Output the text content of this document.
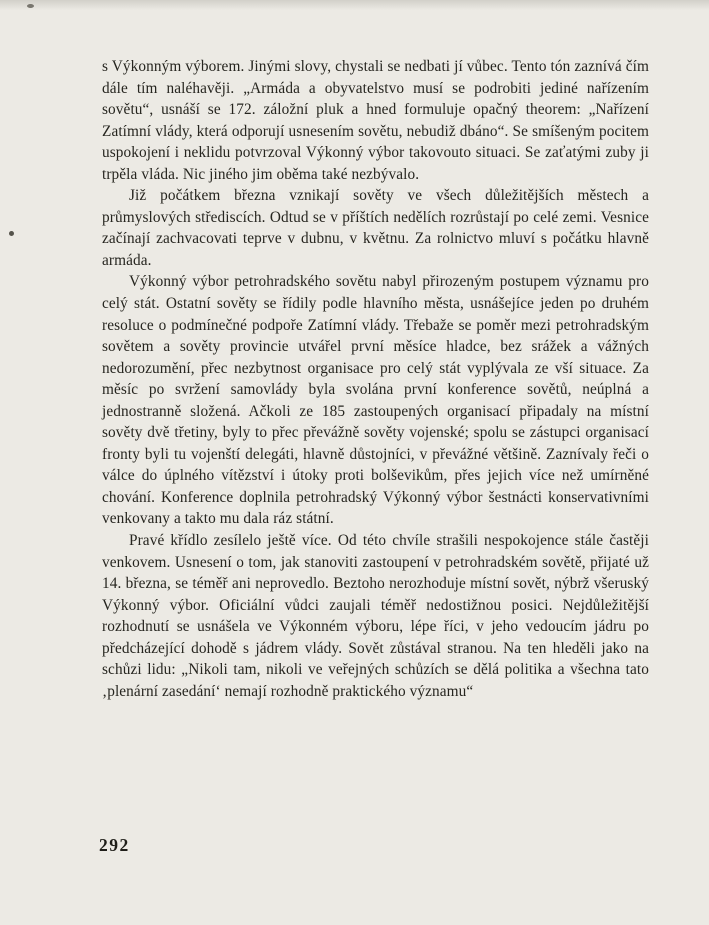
s Výkonným výborem. Jinými slovy, chystali se nedbati jí vůbec. Tento tón zaznívá čím dále tím naléhavěji. „Armáda a obyvatelstvo musí se podrobiti jediné nařízením sovětu“, usnáší se 172. záložní pluk a hned formuluje opačný theorem: „Nařízení Zatímní vlády, která odporují usnesením sovětu, nebudiž dbáno“. Se smíšeným pocitem uspokojení i neklidu potvrzoval Výkonný výbor takovouto situaci. Se zaťatými zuby ji trpěla vláda. Nic jiného jim oběma také nezbývalo.

Již počátkem března vznikají sověty ve všech důležitějších městech a průmyslových střediscích. Odtud se v příštích nedělích rozrůstají po celé zemi. Vesnice začínají zachvacovati teprve v dubnu, v květnu. Za rolnictvo mluví s počátku hlavně armáda.

Výkonný výbor petrohradského sovětu nabyl přirozeným postupem významu pro celý stát. Ostatní sověty se řídily podle hlavního města, usnášejíce jeden po druhém resoluce o podmínečné podpoře Zatímní vlády. Třebaže se poměr mezi petrohradským sovětem a sověty provincie utvářel první měsíce hladce, bez srážek a vážných nedorozumění, přec nezbytnost organisace pro celý stát vyplývala ze vší situace. Za měsíc po svržení samovlády byla svolána první konference sovětů, neúplná a jednostranně složená. Ačkoli ze 185 zastoupených organisací připadaly na místní sověty dvě třetiny, byly to přec převážně sověty vojenské; spolu se zástupci organisací fronty byli tu vojenští delegáti, hlavně důstojníci, v převážné většině. Zaznívaly řeči o válce do úplného vítězství i útoky proti bolševikům, přes jejich více než umírněné chování. Konference doplnila petrohradský Výkonný výbor šestnácti konservativními venkovany a takto mu dala ráz státní.

Pravé křídlo zesílelo ještě více. Od této chvíle strašili nespokojence stále častěji venkovem. Usnesení o tom, jak stanoviti zastoupení v petrohradském sovětě, přijaté už 14. března, se téměř ani neprovedlo. Beztoho nerozhoduje místní sovět, nýbrž všeruský Výkonný výbor. Oficiální vůdci zaujali téměř nedostižnou posici. Nejdůležitější rozhodnutí se usnášela ve Výkonném výboru, lépe říci, v jeho vedoucím jádru po předcházející dohodě s jádrem vlády. Sovět zůstával stranou. Na ten hleděli jako na schůzi lidu: „Nikoli tam, nikoli ve veřejných schůzích se dělá politika a všechna tato ‚plenární zasedání‘ nemají rozhodně praktického významu“

292
